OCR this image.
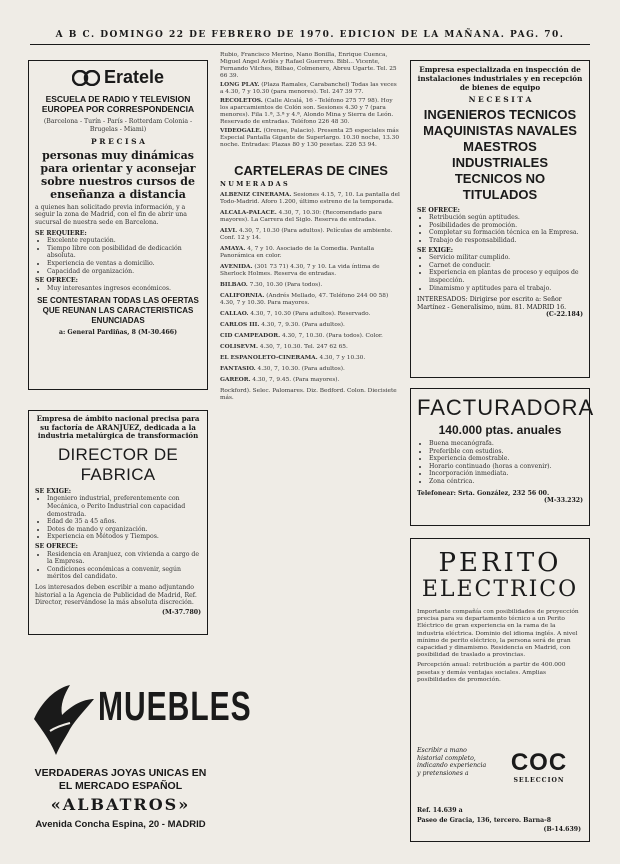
A B C. DOMINGO 22 DE FEBRERO DE 1970. EDICION DE LA MAÑANA. PAG. 70.
Eratele
ESCUELA DE RADIO Y TELEVISION EUROPEA POR CORRESPONDENCIA
(Barcelona - Turín - París - Rotterdam Colonia - Brugelas - Miami)
P R E C I S A
personas muy dinámicas para orientar y aconsejar sobre nuestros cursos de enseñanza a distancia
a quienes han solicitado previa información, y a seguir la zona de Madrid, con el fin de abrir una sucursal de nuestra sede en Barcelona.
SE REQUIERE:
• Excelente reputación.
• Tiempo libre con posibilidad de dedicación absoluta.
• Experiencia de ventas a domicilio.
• Capacidad de organización.
SE OFRECE:
• Muy interesantes ingresos económicos.
SE CONTESTARAN TODAS LAS OFERTAS QUE REUNAN LAS CARACTERISTICAS ENUNCIADAS
a: General Pardiñas, 8 (M-30.466)
Empresa de ámbito nacional precisa para su factoría de ARANJUEZ, dedicada a la industria metalúrgica de transformación
DIRECTOR DE FABRICA
SE EXIGE:
• Ingeniero industrial, preferentemente con Mecánica, o Perito Industrial con capacidad demostrada.
• Edad de 35 a 45 años.
• Dotes de mando y organización.
• Experiencia en Métodos y Tiempos.
SE OFRECE:
• Residencia en Aranjuez, con vivienda a cargo de la Empresa.
• Condiciones económicas a convenir, según méritos del candidato.
Los interesados deben escribir a mano adjuntando historial a la Agencia de Publicidad de Madrid, Ref. Director, reservándose la más absoluta discreción.
(M-37.780)
MUEBLES
VERDADERAS JOYAS UNICAS EN EL MERCADO ESPAÑOL
«ALBATROS»
Avenida Concha Espina, 20 - MADRID
Rubio, Francisco Merino, Nano Bonilla, Enrique Cuenca, Miguel Angel Avilés y Rafael Guerrero. Bibl... Vicente, Fernando Vilches, Bilbao, Colmenero, Abreu Ugarte. Tel. 25 66 39.
LONG PLAY. (Plaza Ramales, Carabanchel) Todas las veces a 4.30, 7 y 10.30 (para menores). Tel. 247 39 77.
RECOLETOS. (Calle Alcalá, 16 - Teléfono 275 77 98). Hoy los aparcamientos de Colón son. Sesiones 4.30 y 7 (para menores). Fila 1.ª, 3.ª y 4.ª, Alondo Mina y Sierra de León. Reservado de entradas. Teléfono 226 48 30.
VIDEOGALE. (Orense, Palacio). Presenta 25 especiales más Especial Pantalla Gigante de Superlargo. 10.30 noche, 13.30 noche. Entradas: Plazas 80 y 130 pesetas. 226 53 94.
CARTELERAS DE CINES
N U M E R A D A S
ALBENIZ CINERAMA. Sesiones 4.15, 7, 10. La pantalla del Todo-Madrid. Aforo 1.200, último estreno de la temporada.
ALCALA-PALACE. 4.30, 7, 10.30: (Recomendado para mayores). La Carrera del Siglo. Reserva de entradas.
ALVI. 4.30, 7, 10.30 (Para adultos). Películas de ambiente. Conf. 12 y 14.
AMAYA. 4, 7 y 10. Asociado de la Comedia. Pantalla Panorámica en color.
AVENIDA. (301 73 71) 4.30, 7 y 10. La vida íntima de Sherlock Holmes. Reserva de entradas.
BILBAO. 7.30, 10.30 (Para todos).
CALIFORNIA. (Andrés Mellado, 47. Teléfono 244 00 58) 4.30, 7 y 10.30. Para mayores.
CALLAO. 4.30, 7, 10.30 (Para adultos). Reservado.
CARLOS III. 4.30, 7, 9.30. (Para adultos).
CID CAMPEADOR. 4.30, 7, 10.30. (Para todos). Color.
COLISEVM. 4.30, 7, 10.30. Tel. 247 62 65.
EL ESPANOLETO-CINERAMA. 4.30, 7 y 10.30.
FANTASIO. 4.30, 7, 10.30. (Para adultos).
GAREOR. 4.30, 7, 9.45. (Para mayores).
Rockford). Selec. Palomares. Diz. Bedford. Colon. Diecisiete más.
Empresa especializada en inspección de instalaciones industriales y en recepción de bienes de equipo
N E C E S I T A
INGENIEROS TECNICOS
MAQUINISTAS NAVALES
MAESTROS INDUSTRIALES
TECNICOS NO TITULADOS
SE OFRECE:
• Retribución según aptitudes.
• Posibilidades de promoción.
• Completar su formación técnica en la Empresa.
• Trabajo de responsabilidad.
SE EXIGE:
• Servicio militar cumplido.
• Carnet de conducir.
• Experiencia en plantas de proceso y equipos de inspección.
• Dinamismo y aptitudes para el trabajo.
INTERESADOS: Dirigirse por escrito a: Señor Martínez - Generalísimo, núm. 81. MADRID 16.
(C-22.184)
FACTURADORA
140.000 ptas. anuales
• Buena mecanógrafa.
• Preferible con estudios.
• Experiencia demostrable.
• Horario continuado (horas a convenir).
• Incorporación inmediata.
• Zona céntrica.
Telefonear: Srta. González, 232 56 00.
(M-33.232)
PERITO
ELECTRICO
Importante compañía con posibilidades de proyección precisa para su departamento técnico a un Perito Eléctrico de gran experiencia en la rama de la industria eléctrica. Dominio del idioma inglés. A nivel mínimo de perito eléctrico, la persona será de gran capacidad y dinamismo. Residencia en Madrid, con posibilidad de traslado a provincias.
Percepción anual: retribución a partir de 400.000 pesetas y demás ventajas sociales. Amplias posibilidades de promoción.
Escribir a mano historial completo, indicando experiencia y pretensiones a
Ref. 14.639 a
COC
SELECCION
Paseo de Gracia, 136, tercero. Barna-8
(B-14.639)
